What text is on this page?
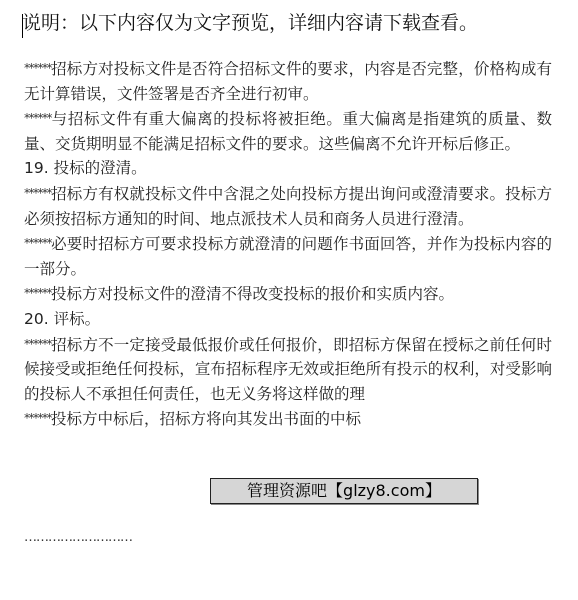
说明：以下内容仅为文字预览，详细内容请下载查看。

******招标方对投标文件是否符合招标文件的要求，内容是否完整，价格构成有无计算错误，文件签署是否齐全进行初审。

******与招标文件有重大偏离的投标将被拒绝。重大偏离是指建筑的质量、数量、交货期明显不能满足招标文件的要求。这些偏离不允许开标后修正。

19. 投标的澄清。

******招标方有权就投标文件中含混之处向投标方提出询问或澄清要求。投标方必须按招标方通知的时间、地点派技术人员和商务人员进行澄清。

******必要时招标方可要求投标方就澄清的问题作书面回答，并作为投标内容的一部分。

******投标方对投标文件的澄清不得改变投标的报价和实质内容。

20. 评标。

******招标方不一定接受最低报价或任何报价，即招标方保留在授标之前任何时候接受或拒绝任何投标，宣布招标程序无效或拒绝所有投示的权利，对受影响的投标人不承担任何责任，也无义务将这样做的理

******投标方中标后，招标方将向其发出书面的中标

………………………
管理资源吧【glzy8.com】
